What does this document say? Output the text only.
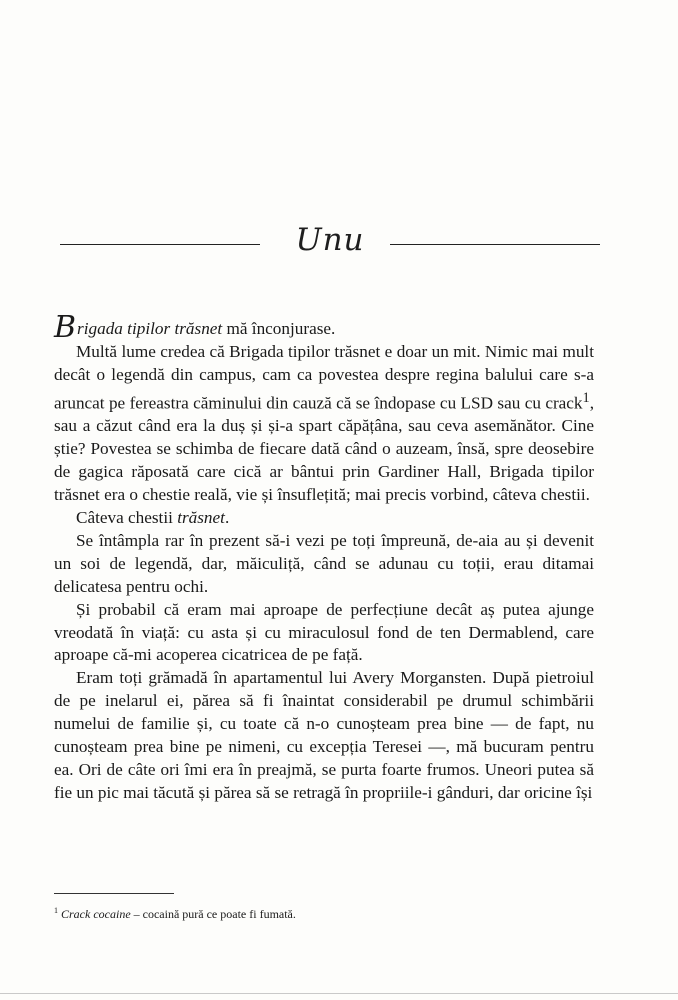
Unu

Brigada tipilor trăsnet mă înconjurase.

Multă lume credea că Brigada tipilor trăsnet e doar un mit. Nimic mai mult decât o legendă din campus, cam ca povestea despre regina balului care s-a aruncat pe fereastra căminului din cauză că se îndopase cu LSD sau cu crack$^1$, sau a căzut când era la duș și și-a spart căpățâna, sau ceva asemănător. Cine știe? Povestea se schimba de fiecare dată când o auzeam, însă, spre deosebire de gagica răposată care cică ar bântui prin Gardiner Hall, Brigada tipilor trăsnet era o chestie reală, vie și însuflețită; mai precis vorbind, câteva chestii.

Câteva chestii trăsnet.

Se întâmpla rar în prezent să-i vezi pe toți împreună, de-aia au și devenit un soi de legendă, dar, măiculiță, când se adunau cu toții, erau ditamai delicatesa pentru ochi.

Și probabil că eram mai aproape de perfecțiune decât aș putea ajunge vreodată în viață: cu asta și cu miraculosul fond de ten Dermablend, care aproape că-mi acoperea cicatricea de pe față.

Eram toți grămadă în apartamentul lui Avery Morgansten. După pietroiul de pe inelarul ei, părea să fi înaintat considerabil pe drumul schimbării numelui de familie și, cu toate că n-o cunoșteam prea bine — de fapt, nu cunoșteam prea bine pe nimeni, cu excepția Teresei —, mă bucuram pentru ea. Ori de câte ori îmi era în preajmă, se purta foarte frumos. Uneori putea să fie un pic mai tăcută și părea să se retragă în propriile-i gânduri, dar oricine își

$^1$ Crack cocaine – cocaină pură ce poate fi fumată.
